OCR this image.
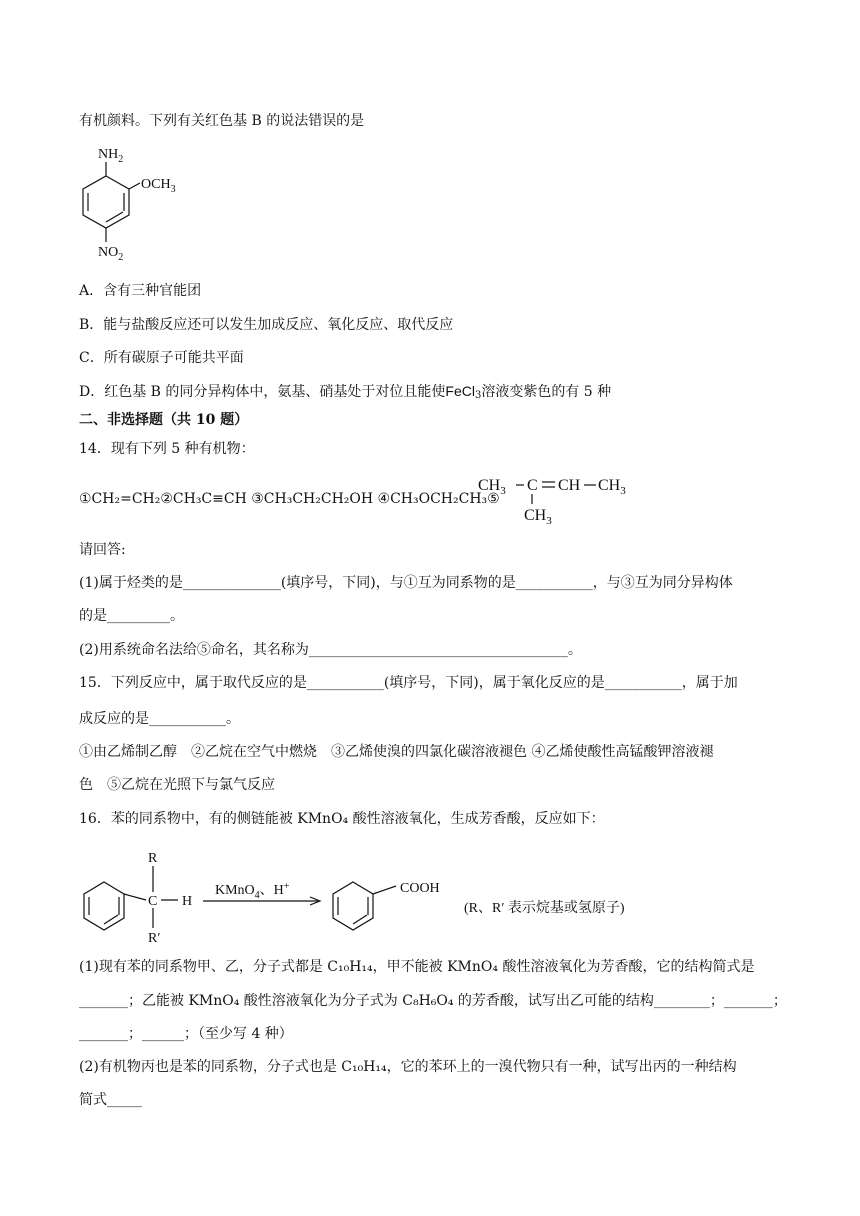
有机颜料。下列有关红色基 B 的说法错误的是
$NH_2$
$OCH_3$
$NO_2$
A．含有三种官能团
B．能与盐酸反应还可以发生加成反应、氧化反应、取代反应
C．所有碳原子可能共平面
D．红色基 B 的同分异构体中，氨基、硝基处于对位且能使FeCl$_3$溶液变紫色的有 5 种
二、非选择题（共 10 题）
14．现有下列 5 种有机物：
①CH₂=CH₂②CH₃C≡CH ③CH₃CH₂CH₂OH ④CH₃OCH₂CH₃⑤
$CH_3$ C CH $CH_3$
$CH_3$
请回答:
(1)属于烃类的是______________(填序号，下同)，与①互为同系物的是___________，与③互为同分异构体
的是_________。
(2)用系统命名法给⑤命名，其名称为_____________________________________。
15．下列反应中，属于取代反应的是___________(填序号，下同)，属于氧化反应的是___________，属于加
成反应的是___________。
①由乙烯制乙醇　②乙烷在空气中燃烧　③乙烯使溴的四氯化碳溶液褪色 ④乙烯使酸性高锰酸钾溶液褪
色　⑤乙烷在光照下与氯气反应
16．苯的同系物中，有的侧链能被 KMnO₄ 酸性溶液氧化，生成芳香酸，反应如下：
R
C H
R′
KMnO$_4$、H+	COOH
(R、R′ 表示烷基或氢原子)
(1)现有苯的同系物甲、乙，分子式都是 C₁₀H₁₄，甲不能被 KMnO₄ 酸性溶液氧化为芳香酸，它的结构简式是
_______；乙能被 KMnO₄ 酸性溶液氧化为分子式为 C₈H₆O₄ 的芳香酸，试写出乙可能的结构________；_______；
_______；______；（至少写 4 种）
(2)有机物丙也是苯的同系物，分子式也是 C₁₀H₁₄，它的苯环上的一溴代物只有一种，试写出丙的一种结构
简式_____
